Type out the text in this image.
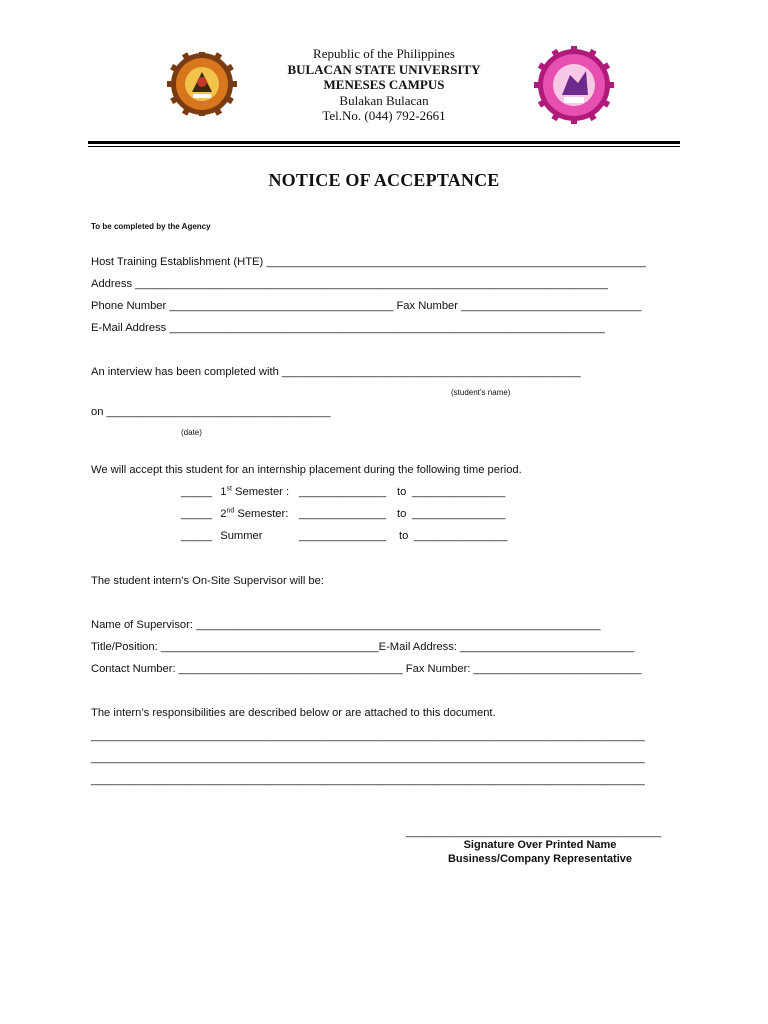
Republic of the Philippines
BULACAN STATE UNIVERSITY
MENESES CAMPUS
Bulakan Bulacan
Tel.No. (044) 792-2661
NOTICE OF ACCEPTANCE
To be completed by the Agency
Host Training Establishment (HTE) _____________________________________________________________
Address ____________________________________________________________________________
Phone Number ____________________________________ Fax Number _____________________________
E-Mail Address ______________________________________________________________________
An interview has been completed with ________________________________________________
(student’s name)
on ____________________________________
(date)
We will accept this student for an internship placement during the following time period.
_____ 1st Semester : ______________ to _______________
_____ 2nd Semester: ______________ to _______________
_____ Summer	______________ to _______________
The student intern’s On-Site Supervisor will be:
Name of Supervisor: _________________________________________________________________
Title/Position: ___________________________________E-Mail Address: ____________________________
Contact Number: ____________________________________ Fax Number: ___________________________
The intern’s responsibilities are described below or are attached to this document.
_________________________________________________________________________________________
_________________________________________________________________________________________
_________________________________________________________________________________________
_________________________________________
Signature Over Printed Name
Business/Company Representative
